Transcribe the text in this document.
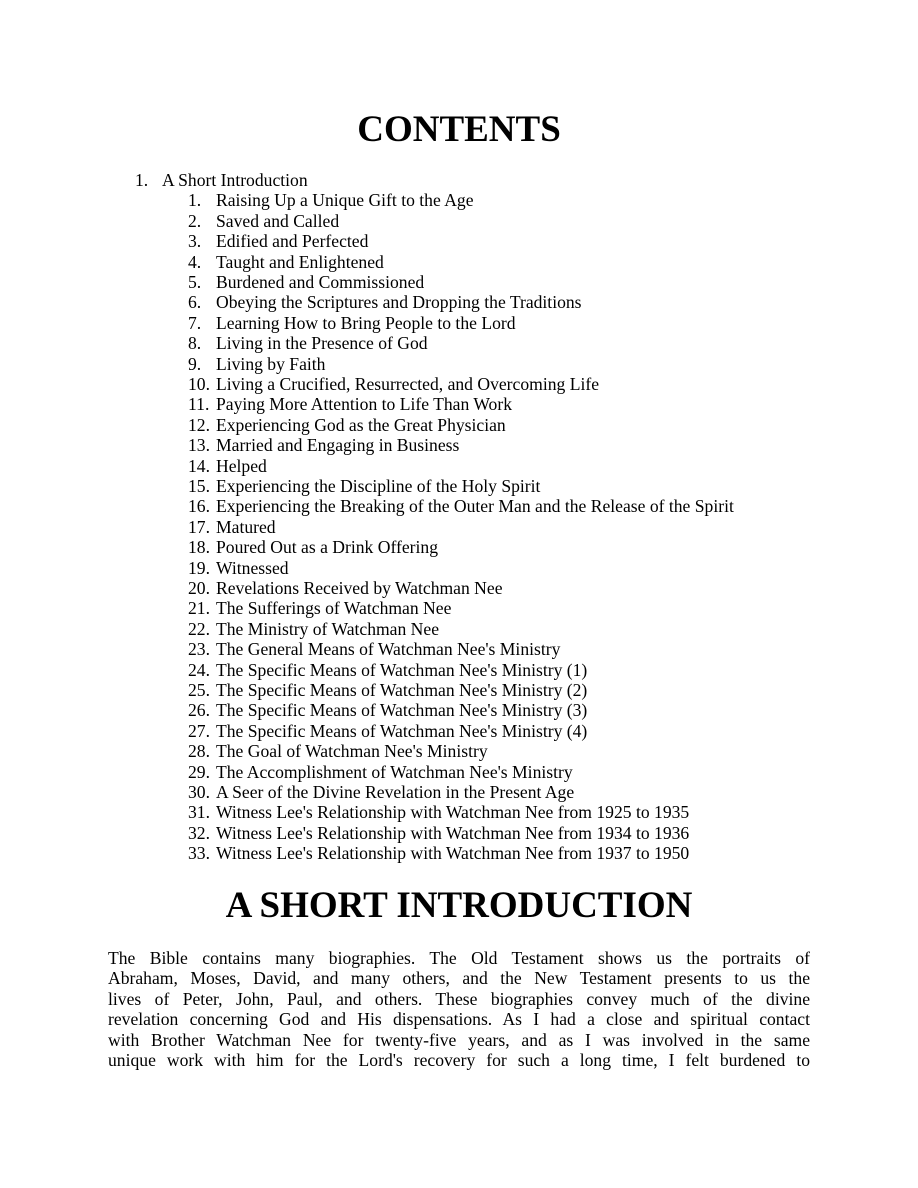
CONTENTS
1. A Short Introduction
1. Raising Up a Unique Gift to the Age
2. Saved and Called
3. Edified and Perfected
4. Taught and Enlightened
5. Burdened and Commissioned
6. Obeying the Scriptures and Dropping the Traditions
7. Learning How to Bring People to the Lord
8. Living in the Presence of God
9. Living by Faith
10. Living a Crucified, Resurrected, and Overcoming Life
11. Paying More Attention to Life Than Work
12. Experiencing God as the Great Physician
13. Married and Engaging in Business
14. Helped
15. Experiencing the Discipline of the Holy Spirit
16. Experiencing the Breaking of the Outer Man and the Release of the Spirit
17. Matured
18. Poured Out as a Drink Offering
19. Witnessed
20. Revelations Received by Watchman Nee
21. The Sufferings of Watchman Nee
22. The Ministry of Watchman Nee
23. The General Means of Watchman Nee's Ministry
24. The Specific Means of Watchman Nee's Ministry (1)
25. The Specific Means of Watchman Nee's Ministry (2)
26. The Specific Means of Watchman Nee's Ministry (3)
27. The Specific Means of Watchman Nee's Ministry (4)
28. The Goal of Watchman Nee's Ministry
29. The Accomplishment of Watchman Nee's Ministry
30. A Seer of the Divine Revelation in the Present Age
31. Witness Lee's Relationship with Watchman Nee from 1925 to 1935
32. Witness Lee's Relationship with Watchman Nee from 1934 to 1936
33. Witness Lee's Relationship with Watchman Nee from 1937 to 1950
A SHORT INTRODUCTION
The Bible contains many biographies. The Old Testament shows us the portraits of
Abraham, Moses, David, and many others, and the New Testament presents to us the
lives of Peter, John, Paul, and others. These biographies convey much of the divine
revelation concerning God and His dispensations. As I had a close and spiritual contact
with Brother Watchman Nee for twenty-five years, and as I was involved in the same
unique work with him for the Lord's recovery for such a long time, I felt burdened to
